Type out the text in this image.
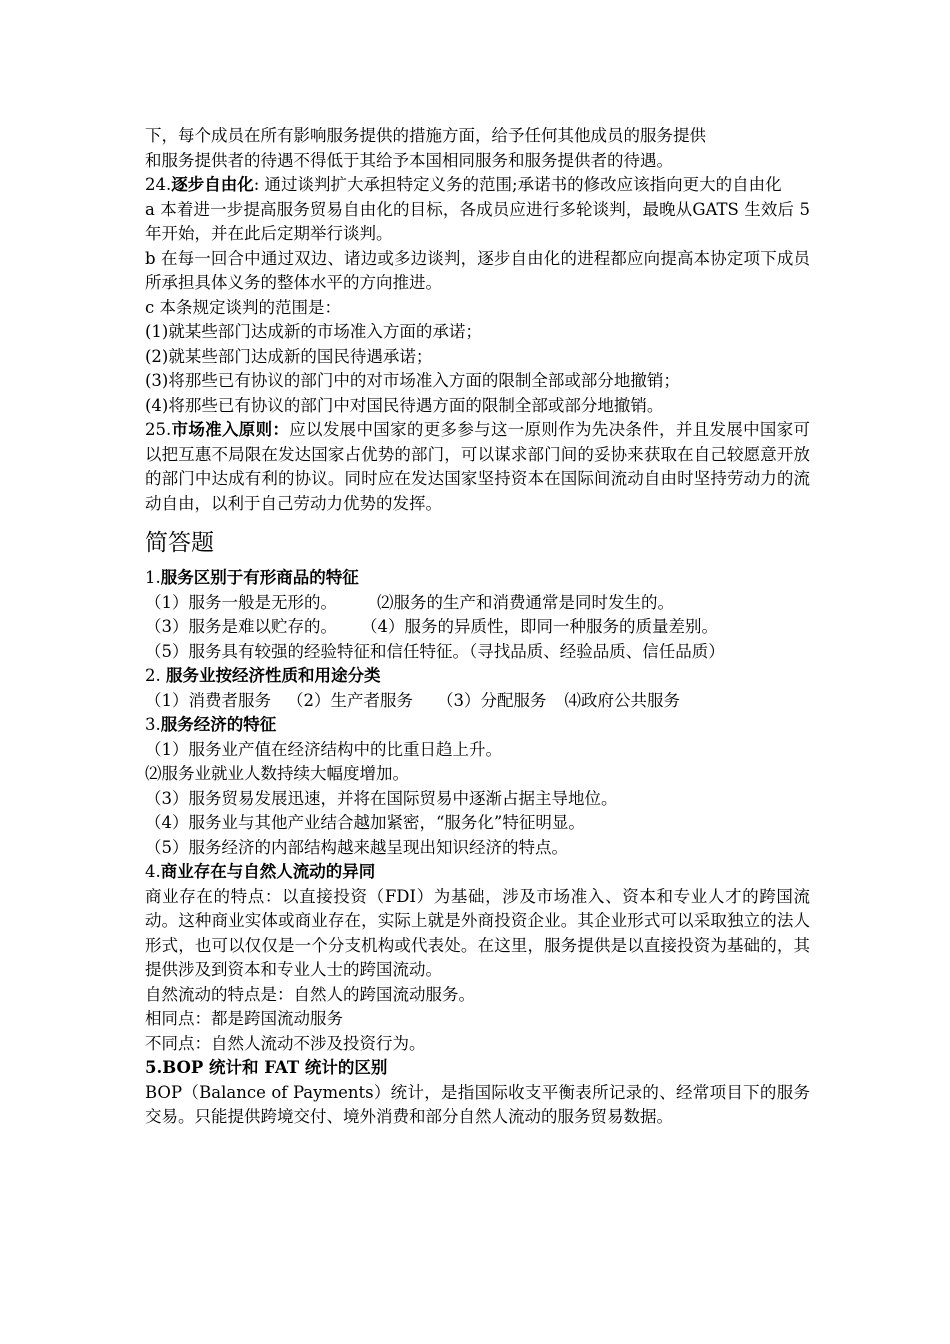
下，每个成员在所有影响服务提供的措施方面，给予任何其他成员的服务提供

和服务提供者的待遇不得低于其给予本国相同服务和服务提供者的待遇。

24.逐步自由化: 通过谈判扩大承担特定义务的范围;承诺书的修改应该指向更大的自由化

a 本着进一步提高服务贸易自由化的目标，各成员应进行多轮谈判，最晚从GATS 生效后 5 年开始，并在此后定期举行谈判。

b 在每一回合中通过双边、诸边或多边谈判，逐步自由化的进程都应向提高本协定项下成员所承担具体义务的整体水平的方向推进。

c 本条规定谈判的范围是：

(1)就某些部门达成新的市场准入方面的承诺；

(2)就某些部门达成新的国民待遇承诺；

(3)将那些已有协议的部门中的对市场准入方面的限制全部或部分地撤销；

(4)将那些已有协议的部门中对国民待遇方面的限制全部或部分地撤销。

25.市场准入原则：应以发展中国家的更多参与这一原则作为先决条件，并且发展中国家可以把互惠不局限在发达国家占优势的部门，可以谋求部门间的妥协来获取在自己较愿意开放的部门中达成有利的协议。同时应在发达国家坚持资本在国际间流动自由时坚持劳动力的流动自由，以利于自己劳动力优势的发挥。

简答题

1.服务区别于有形商品的特征

（1）服务一般是无形的。 ⑵服务的生产和消费通常是同时发生的。

（3）服务是难以贮存的。 （4）服务的异质性，即同一种服务的质量差别。

（5）服务具有较强的经验特征和信任特征。（寻找品质、经验品质、信任品质）

2. 服务业按经济性质和用途分类

（1）消费者服务 （2）生产者服务 （3）分配服务 ⑷政府公共服务

3.服务经济的特征

（1）服务业产值在经济结构中的比重日趋上升。

⑵服务业就业人数持续大幅度增加。

（3）服务贸易发展迅速，并将在国际贸易中逐渐占据主导地位。

（4）服务业与其他产业结合越加紧密，“服务化”特征明显。

（5）服务经济的内部结构越来越呈现出知识经济的特点。

4.商业存在与自然人流动的异同

商业存在的特点：以直接投资（FDI）为基础，涉及市场准入、资本和专业人才的跨国流动。这种商业实体或商业存在，实际上就是外商投资企业。其企业形式可以采取独立的法人形式，也可以仅仅是一个分支机构或代表处。在这里，服务提供是以直接投资为基础的，其提供涉及到资本和专业人士的跨国流动。

自然流动的特点是：自然人的跨国流动服务。

相同点：都是跨国流动服务

不同点：自然人流动不涉及投资行为。

5.BOP 统计和 FAT 统计的区别

BOP（Balance of Payments）统计，是指国际收支平衡表所记录的、经常项目下的服务交易。只能提供跨境交付、境外消费和部分自然人流动的服务贸易数据。
